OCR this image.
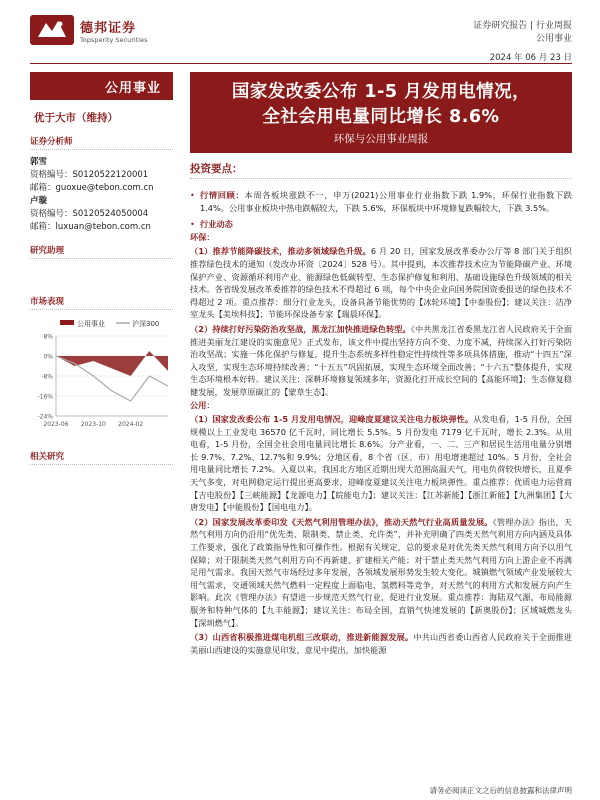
德邦证券
Topsperity Securities
证券研究报告 | 行业周报
公用事业
2024 年 06 月 23 日
公用事业
优于大市（维持）
证券分析师
郭雪
资格编号：S0120522120001
邮箱：guoxue@tebon.com.cn
卢璇
资格编号：S0120524050004
邮箱：luxuan@tebon.com.cn
研究助理
市场表现
公用事业	沪深300
8%
0%
-8%
-16%
-24%
2023-06 2023-10 2024-02
相关研究
国家发改委公布 1-5 月发用电情况，
全社会用电量同比增长 8.6%
环保与公用事业周报
投资要点：
• 行情回顾：本周各板块涨跌不一，申万(2021)公用事业行业指数下跌 1.9%，环保行业指数下跌 1.4%。公用事业板块中热电跌幅较大，下跌 5.6%，环保板块中环境修复跌幅较大，下跌 3.5%。
• 行业动态
环保：
（1）推荐节能降碳技术，推动多领域绿色升级。6 月 20 日，国家发展改革委办公厅等 8 部门关于组织推荐绿色技术的通知（发改办环资〔2024〕528 号）。其中提到，本次推荐技术应为节能降碳产业、环境保护产业、资源循环利用产业、能源绿色低碳转型、生态保护修复和利用、基础设施绿色升级领域的相关技术。各省级发展改革委推荐的绿色技术不得超过 6 项，每个中央企业向国务院国资委报送的绿色技术不得超过 2 项。重点推荐：细分行业龙头，设备具备节能优势的【冰轮环境】【中泰股份】；建议关注：洁净室龙头【美埃科技】；节能环保设备专家【瑞晨环保】。
（2）持续打好污染防治攻坚战，黑龙江加快推进绿色转型。《中共黑龙江省委黑龙江省人民政府关于全面推进美丽龙江建设的实施意见》正式发布，该文件中提出坚持方向不变、力度不减，持续深入打好污染防治攻坚战；实施一体化保护与修复，提升生态系统多样性稳定性持续性等多项具体措施，推动“十四五”深入攻坚，实现生态环境持续改善；“十五五”巩固拓展，实现生态环境全面改善；“十六五”整体提升，实现生态环境根本好转。建议关注：深耕环境修复领域多年，资源化打开成长空间的【高能环境】；生态修复稳健发展，发展草原碳汇的【蒙草生态】。
公用：
（1）国家发改委公布 1-5 月发用电情况，迎峰度夏建议关注电力板块弹性。从发电看，1-5 月份，全国规模以上工业发电 36570 亿千瓦时，同比增长 5.5%。5 月份发电 7179 亿千瓦时，增长 2.3%。从用电看，1-5 月份，全国全社会用电量同比增长 8.6%。分产业看，一、二、三产和居民生活用电量分别增长 9.7%、7.2%、12.7%和 9.9%；分地区看，8 个省（区、市）用电增速超过 10%。5 月份，全社会用电量同比增长 7.2%。入夏以来，我国北方地区近期出现大范围高温天气，用电负荷较快增长，且夏季天气多变，对电网稳定运行提出更高要求，迎峰度夏建议关注电力板块弹性。重点推荐：优质电力运营商【吉电股份】【三峡能源】【龙源电力】【皖能电力】；建议关注：【江苏新能】【浙江新能】【九洲集团】【大唐发电】【中能股份】【国电电力】。
（2）国家发展改革委印发《天然气利用管理办法》，推动天然气行业高质量发展。《管理办法》指出，天然气利用方向仍沿用“优先类、限制类、禁止类、允许类”，并补充明确了四类天然气利用方向内涵及具体工作要求，强化了政策指导性和可操作性。根据有关规定，总的要求是对优先类天然气利用方向予以用气保障；对于限制类天然气利用方向不再新建、扩建相关产能；对于禁止类天然气利用方向上游企业不再满足用气需求。我国天然气市场经过多年发展，各领域发展形势发生较大变化。城镇燃气领域产业发展较大用气需求，交通领域天然气燃料一定程度上面临电、氢燃料等竞争，对天然气的利用方式和发展方向产生影响。此次《管理办法》有望进一步规范天然气行业，促进行业发展。重点推荐：海陆双气源，布局能源服务和特种气体的【九丰能源】；建议关注：布局全国，直销气快速发展的【新奥股份】；区域城燃龙头【深圳燃气】。
（3）山西省积极推进煤电机组三改联动，推进新能源发展。中共山西省委山西省人民政府关于全面推进美丽山西建设的实施意见印发，意见中提出，加快能源
请务必阅读正文之后的信息披露和法律声明
